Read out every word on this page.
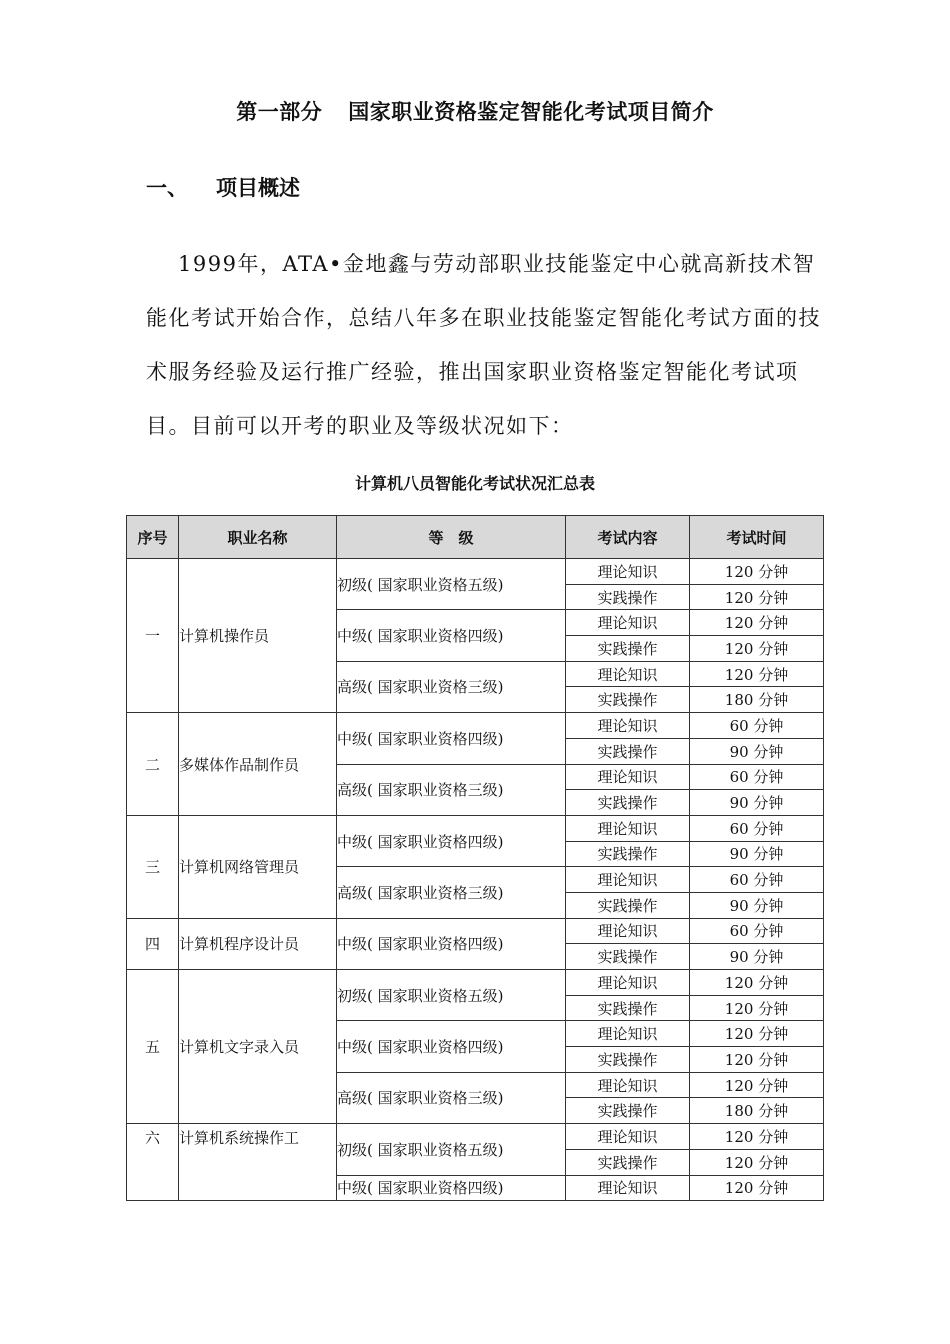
第一部分 国家职业资格鉴定智能化考试项目简介
一、 项目概述

1999年，ATA•金地鑫与劳动部职业技能鉴定中心就高新技术智能化考试开始合作，总结八年多在职业技能鉴定智能化考试方面的技术服务经验及运行推广经验，推出国家职业资格鉴定智能化考试项目。目前可以开考的职业及等级状况如下：

计算机八员智能化考试状况汇总表
序号	职业名称	等　级	考试内容	考试时间
一	计算机操作员	初级( 国家职业资格五级)	理论知识	120 分钟
			实践操作	120 分钟
		中级( 国家职业资格四级)	理论知识	120 分钟
			实践操作	120 分钟
		高级( 国家职业资格三级)	理论知识	120 分钟
			实践操作	180 分钟
二	多媒体作品制作员	中级( 国家职业资格四级)	理论知识	60 分钟
			实践操作	90 分钟
		高级( 国家职业资格三级)	理论知识	60 分钟
			实践操作	90 分钟
三	计算机网络管理员	中级( 国家职业资格四级)	理论知识	60 分钟
			实践操作	90 分钟
		高级( 国家职业资格三级)	理论知识	60 分钟
			实践操作	90 分钟
四	计算机程序设计员	中级( 国家职业资格四级)	理论知识	60 分钟
			实践操作	90 分钟
五	计算机文字录入员	初级( 国家职业资格五级)	理论知识	120 分钟
			实践操作	120 分钟
		中级( 国家职业资格四级)	理论知识	120 分钟
			实践操作	120 分钟
		高级( 国家职业资格三级)	理论知识	120 分钟
			实践操作	180 分钟
六	计算机系统操作工	初级( 国家职业资格五级)	理论知识	120 分钟
			实践操作	120 分钟
		中级( 国家职业资格四级)	理论知识	120 分钟
